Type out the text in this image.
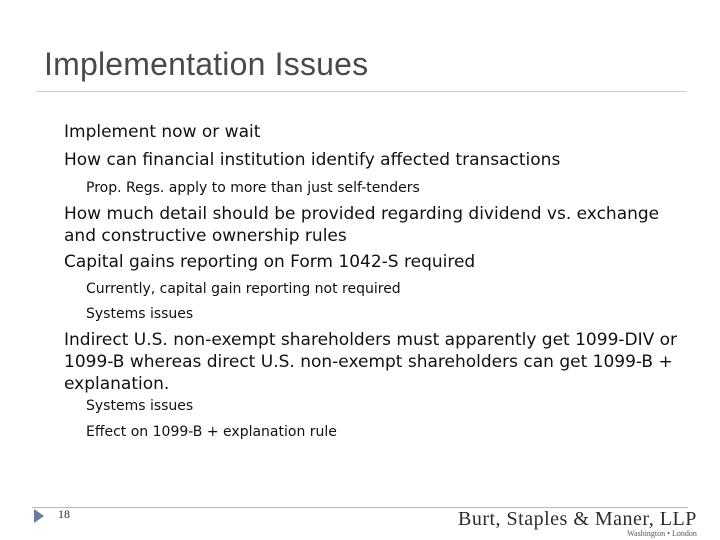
Implementation Issues
Implement now or wait
How can financial institution identify affected transactions
Prop. Regs. apply to more than just self-tenders
How much detail should be provided regarding dividend vs. exchange and constructive ownership rules
Capital gains reporting on Form 1042-S required
Currently, capital gain reporting not required
Systems issues
Indirect U.S. non-exempt shareholders must apparently get 1099-DIV or 1099-B whereas direct U.S. non-exempt shareholders can get 1099-B + explanation.
Systems issues
Effect on 1099-B + explanation rule
18	Burt, Staples & Maner, LLP
Washington • London
